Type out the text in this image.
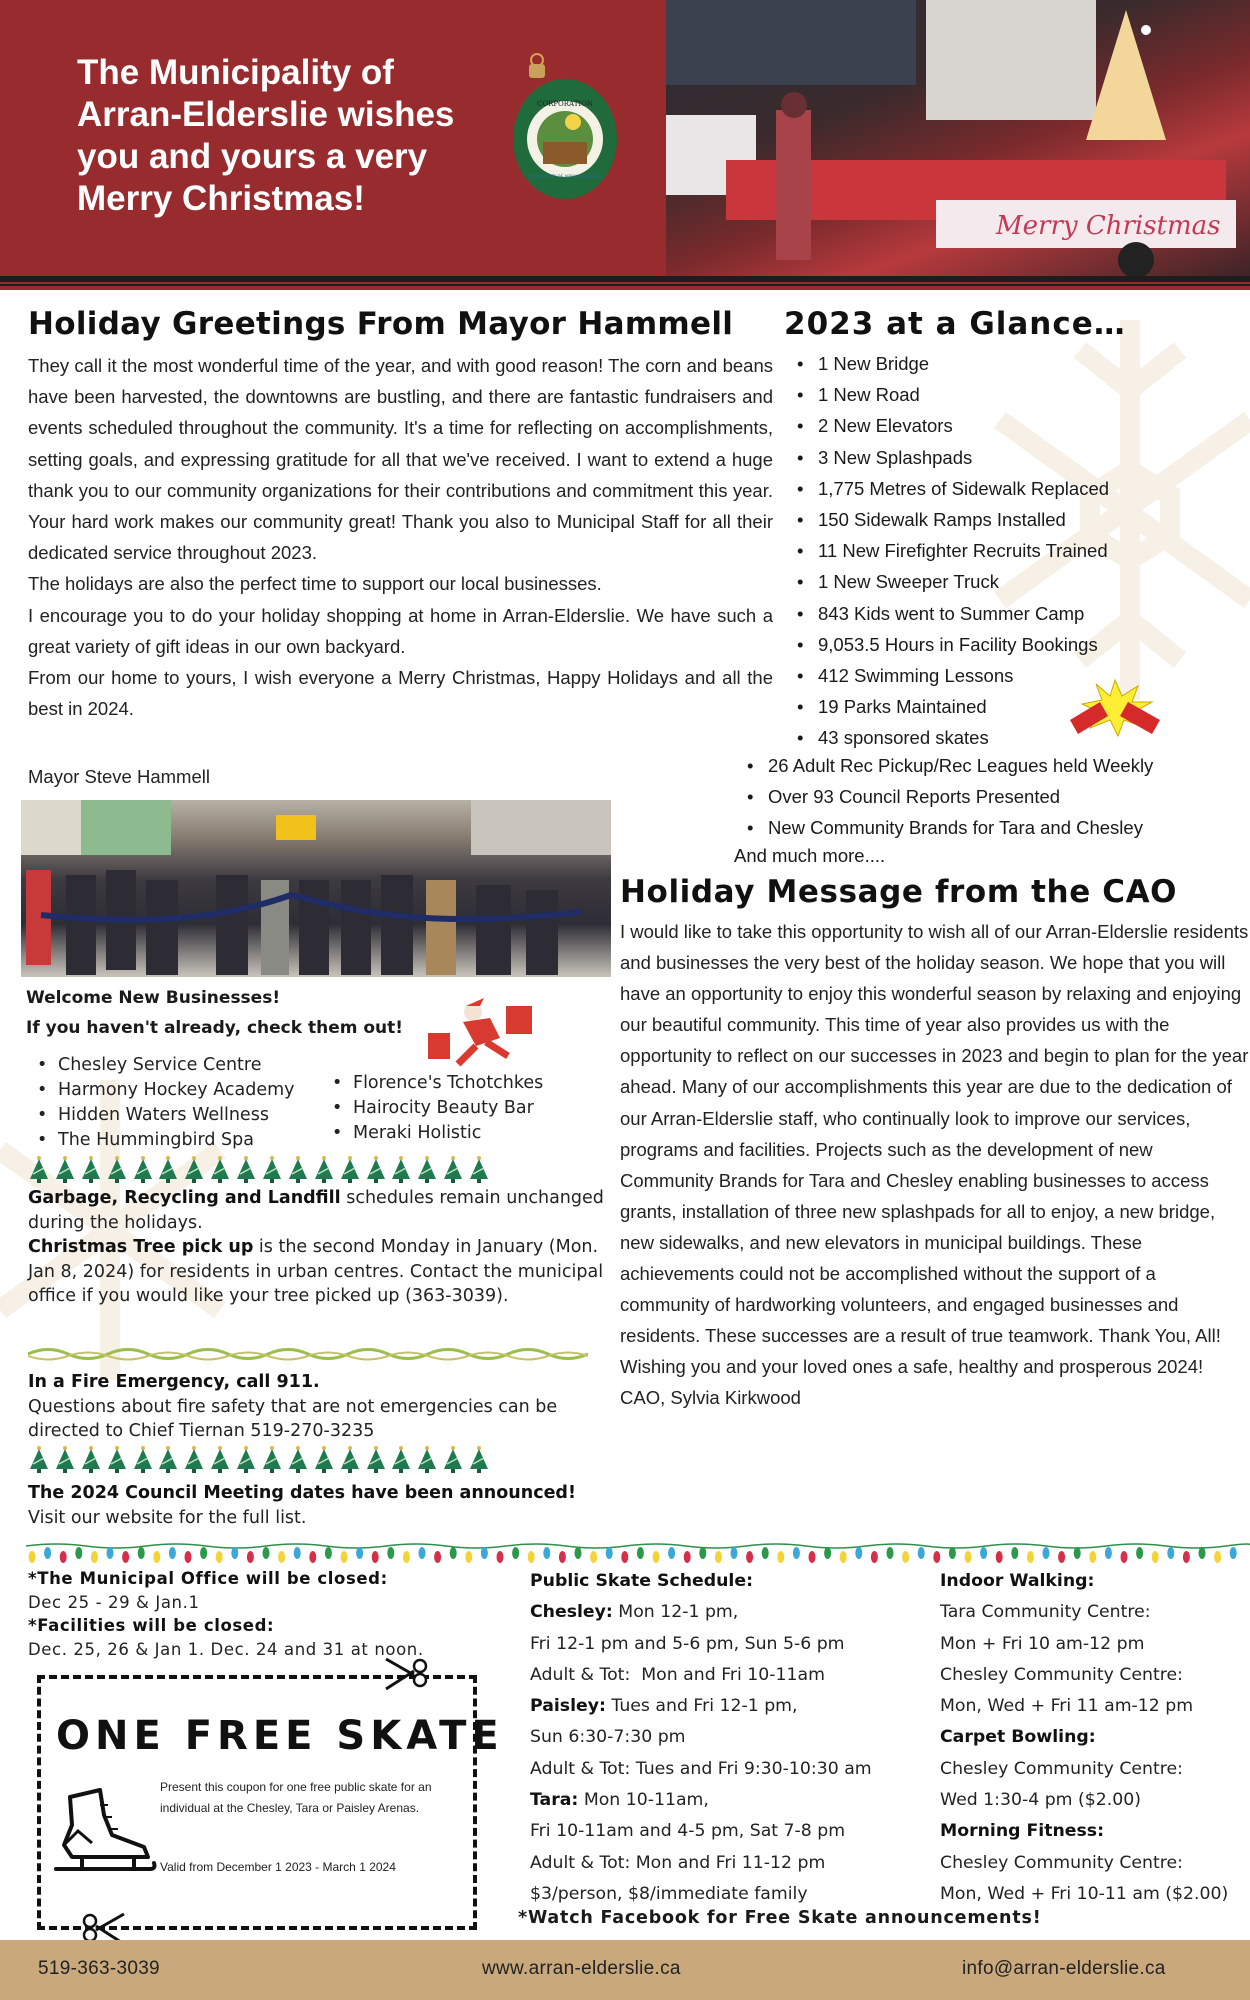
The Municipality of
Arran-Elderslie wishes
you and yours a very
Merry Christmas!
CORPORATION
MUNICIPALITY OF ARRAN-ELDERSLIE
Merry Christmas
Holiday Greetings From Mayor Hammell

They call it the most wonderful time of the year, and with good reason! The corn and beans have been harvested, the downtowns are bustling, and there are fantastic fundraisers and events scheduled throughout the community. It's a time for reflecting on accomplishments, setting goals, and expressing gratitude for all that we've received. I want to extend a huge thank you to our community organizations for their contributions and commitment this year. Your hard work makes our community great! Thank you also to Municipal Staff for all their dedicated service throughout 2023.

The holidays are also the perfect time to support our local businesses.

I encourage you to do your holiday shopping at home in Arran-Elderslie. We have such a great variety of gift ideas in our own backyard.

From our home to yours, I wish everyone a Merry Christmas, Happy Holidays and all the best in 2024.

Mayor Steve Hammell
2023 at a Glance…
• 1 New Bridge
• 1 New Road
• 2 New Elevators
• 3 New Splashpads
• 1,775 Metres of Sidewalk Replaced
• 150 Sidewalk Ramps Installed
• 11 New Firefighter Recruits Trained
• 1 New Sweeper Truck
• 843 Kids went to Summer Camp
• 9,053.5 Hours in Facility Bookings
• 412 Swimming Lessons
• 19 Parks Maintained
• 43 sponsored skates
• 26 Adult Rec Pickup/Rec Leagues held Weekly
• Over 93 Council Reports Presented
• New Community Brands for Tara and Chesley
And much more....
Welcome New Businesses!
If you haven't already, check them out!
• Chesley Service Centre
• Harmony Hockey Academy
• Hidden Waters Wellness
• The Hummingbird Spa
• Florence's Tchotchkes
• Hairocity Beauty Bar
• Meraki Holistic
Garbage, Recycling and Landfill schedules remain unchanged during the holidays.
Christmas Tree pick up is the second Monday in January (Mon. Jan 8, 2024) for residents in urban centres. Contact the municipal office if you would like your tree picked up (363-3039).
In a Fire Emergency, call 911.
Questions about fire safety that are not emergencies can be directed to Chief Tiernan 519-270-3235
The 2024 Council Meeting dates have been announced! Visit our website for the full list.
Holiday Message from the CAO

I would like to take this opportunity to wish all of our Arran-Elderslie residents and businesses the very best of the holiday season. We hope that you will have an opportunity to enjoy this wonderful season by relaxing and enjoying our beautiful community. This time of year also provides us with the opportunity to reflect on our successes in 2023 and begin to plan for the year ahead. Many of our accomplishments this year are due to the dedication of our Arran-Elderslie staff, who continually look to improve our services, programs and facilities. Projects such as the development of new Community Brands for Tara and Chesley enabling businesses to access grants, installation of three new splashpads for all to enjoy, a new bridge, new sidewalks, and new elevators in municipal buildings. These achievements could not be accomplished without the support of a community of hardworking volunteers, and engaged businesses and residents. These successes are a result of true teamwork. Thank You, All!

Wishing you and your loved ones a safe, healthy and prosperous 2024!

CAO, Sylvia Kirkwood

*The Municipal Office will be closed:
Dec 25 - 29 & Jan.1
*Facilities will be closed:
Dec. 25, 26 & Jan 1. Dec. 24 and 31 at noon.
ONE FREE SKATE
Present this coupon for one free public skate for an individual at the Chesley, Tara or Paisley Arenas.
Valid from December 1 2023 - March 1 2024
Public Skate Schedule:
Chesley: Mon 12-1 pm,
Fri 12-1 pm and 5-6 pm, Sun 5-6 pm
Adult & Tot:  Mon and Fri 10-11am
Paisley: Tues and Fri 12-1 pm,
Sun 6:30-7:30 pm
Adult & Tot: Tues and Fri 9:30-10:30 am
Tara: Mon 10-11am,
Fri 10-11am and 4-5 pm, Sat 7-8 pm
Adult & Tot: Mon and Fri 11-12 pm
$3/person, $8/immediate family
*Watch Facebook for Free Skate announcements!
Indoor Walking:
Tara Community Centre:
Mon + Fri 10 am-12 pm
Chesley Community Centre:
Mon, Wed + Fri 11 am-12 pm
Carpet Bowling:
Chesley Community Centre:
Wed 1:30-4 pm ($2.00)
Morning Fitness:
Chesley Community Centre:
Mon, Wed + Fri 10-11 am ($2.00)
519-363-3039	www.arran-elderslie.ca	info@arran-elderslie.ca
